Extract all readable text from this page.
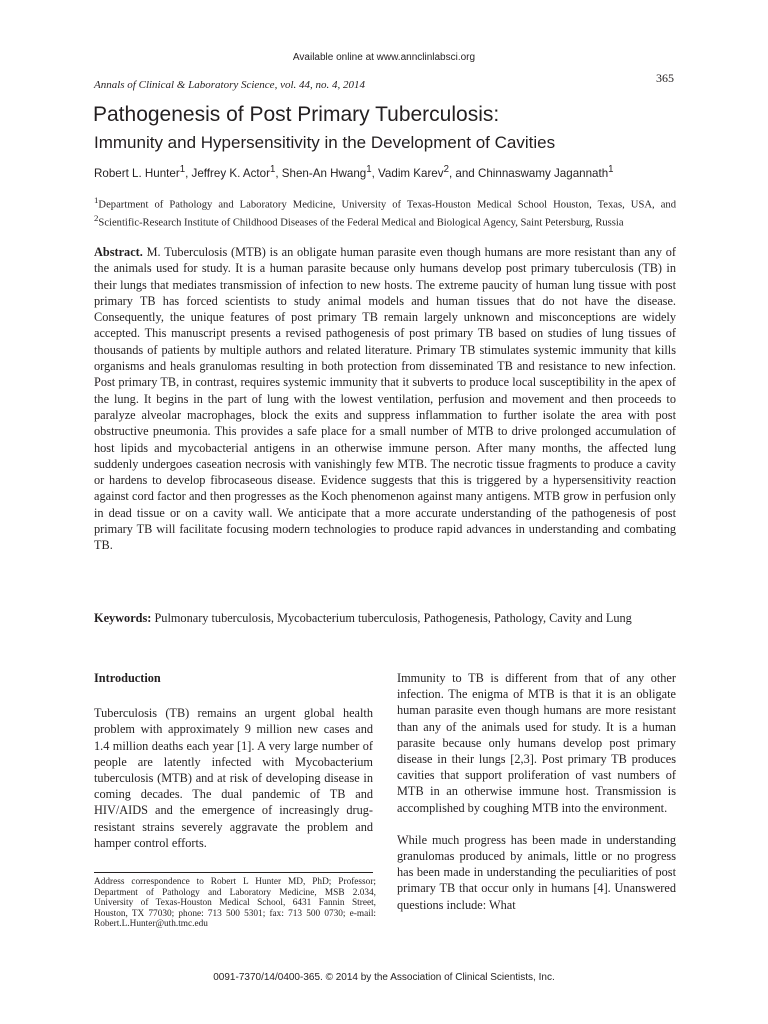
Available online at www.annclinlabsci.org
Annals of Clinical & Laboratory Science, vol. 44, no. 4, 2014	365
Pathogenesis of Post Primary Tuberculosis:
Immunity and Hypersensitivity in the Development of Cavities
Robert L. Hunter$^1$, Jeffrey K. Actor$^1$, Shen-An Hwang$^1$, Vadim Karev$^2$, and Chinnaswamy Jagannath$^1$
$^1$Department of Pathology and Laboratory Medicine, University of Texas-Houston Medical School Houston, Texas, USA, and $^2$Scientific-Research Institute of Childhood Diseases of the Federal Medical and Biological Agency, Saint Petersburg, Russia
Abstract. M. Tuberculosis (MTB) is an obligate human parasite even though humans are more resistant than any of the animals used for study. It is a human parasite because only humans develop post primary tuberculosis (TB) in their lungs that mediates transmission of infection to new hosts. The extreme paucity of human lung tissue with post primary TB has forced scientists to study animal models and human tissues that do not have the disease. Consequently, the unique features of post primary TB remain largely unknown and misconceptions are widely accepted. This manuscript presents a revised pathogenesis of post primary TB based on studies of lung tissues of thousands of patients by multiple authors and related literature. Primary TB stimulates systemic immunity that kills organisms and heals granulomas resulting in both protection from disseminated TB and resistance to new infection. Post primary TB, in contrast, requires systemic immunity that it subverts to produce local susceptibility in the apex of the lung. It begins in the part of lung with the lowest ventilation, perfusion and movement and then proceeds to paralyze alveolar macrophages, block the exits and suppress inflammation to further isolate the area with post obstructive pneumonia. This provides a safe place for a small number of MTB to drive prolonged accumulation of host lipids and mycobacterial antigens in an otherwise immune person. After many months, the affected lung suddenly undergoes caseation necrosis with vanishingly few MTB. The necrotic tissue fragments to produce a cavity or hardens to develop fibrocaseous disease. Evidence suggests that this is triggered by a hypersensitivity reaction against cord factor and then progresses as the Koch phenomenon against many antigens. MTB grow in perfusion only in dead tissue or on a cavity wall. We anticipate that a more accurate understanding of the pathogenesis of post primary TB will facilitate focusing modern technologies to produce rapid advances in understanding and combating TB.
Keywords: Pulmonary tuberculosis, Mycobacterium tuberculosis, Pathogenesis, Pathology, Cavity and Lung
Introduction

Tuberculosis (TB) remains an urgent global health problem with approximately 9 million new cases and 1.4 million deaths each year [1]. A very large number of people are latently infected with Mycobacterium tuberculosis (MTB) and at risk of developing disease in coming decades. The dual pandemic of TB and HIV/AIDS and the emergence of increasingly drug-resistant strains severely aggravate the problem and hamper control efforts.

Immunity to TB is different from that of any other infection. The enigma of MTB is that it is an obligate human parasite even though humans are more resistant than any of the animals used for study. It is a human parasite because only humans develop post primary disease in their lungs [2,3]. Post primary TB produces cavities that support proliferation of vast numbers of MTB in an otherwise immune host. Transmission is accomplished by coughing MTB into the environment.

While much progress has been made in understanding granulomas produced by animals, little or no progress has been made in understanding the peculiarities of post primary TB that occur only in humans [4]. Unanswered questions include: What

Address correspondence to Robert L Hunter MD, PhD; Professor; Department of Pathology and Laboratory Medicine, MSB 2.034, University of Texas-Houston Medical School, 6431 Fannin Street, Houston, TX 77030; phone: 713 500 5301; fax: 713 500 0730; e-mail: Robert.L.Hunter@uth.tmc.edu
0091-7370/14/0400-365. © 2014 by the Association of Clinical Scientists, Inc.
